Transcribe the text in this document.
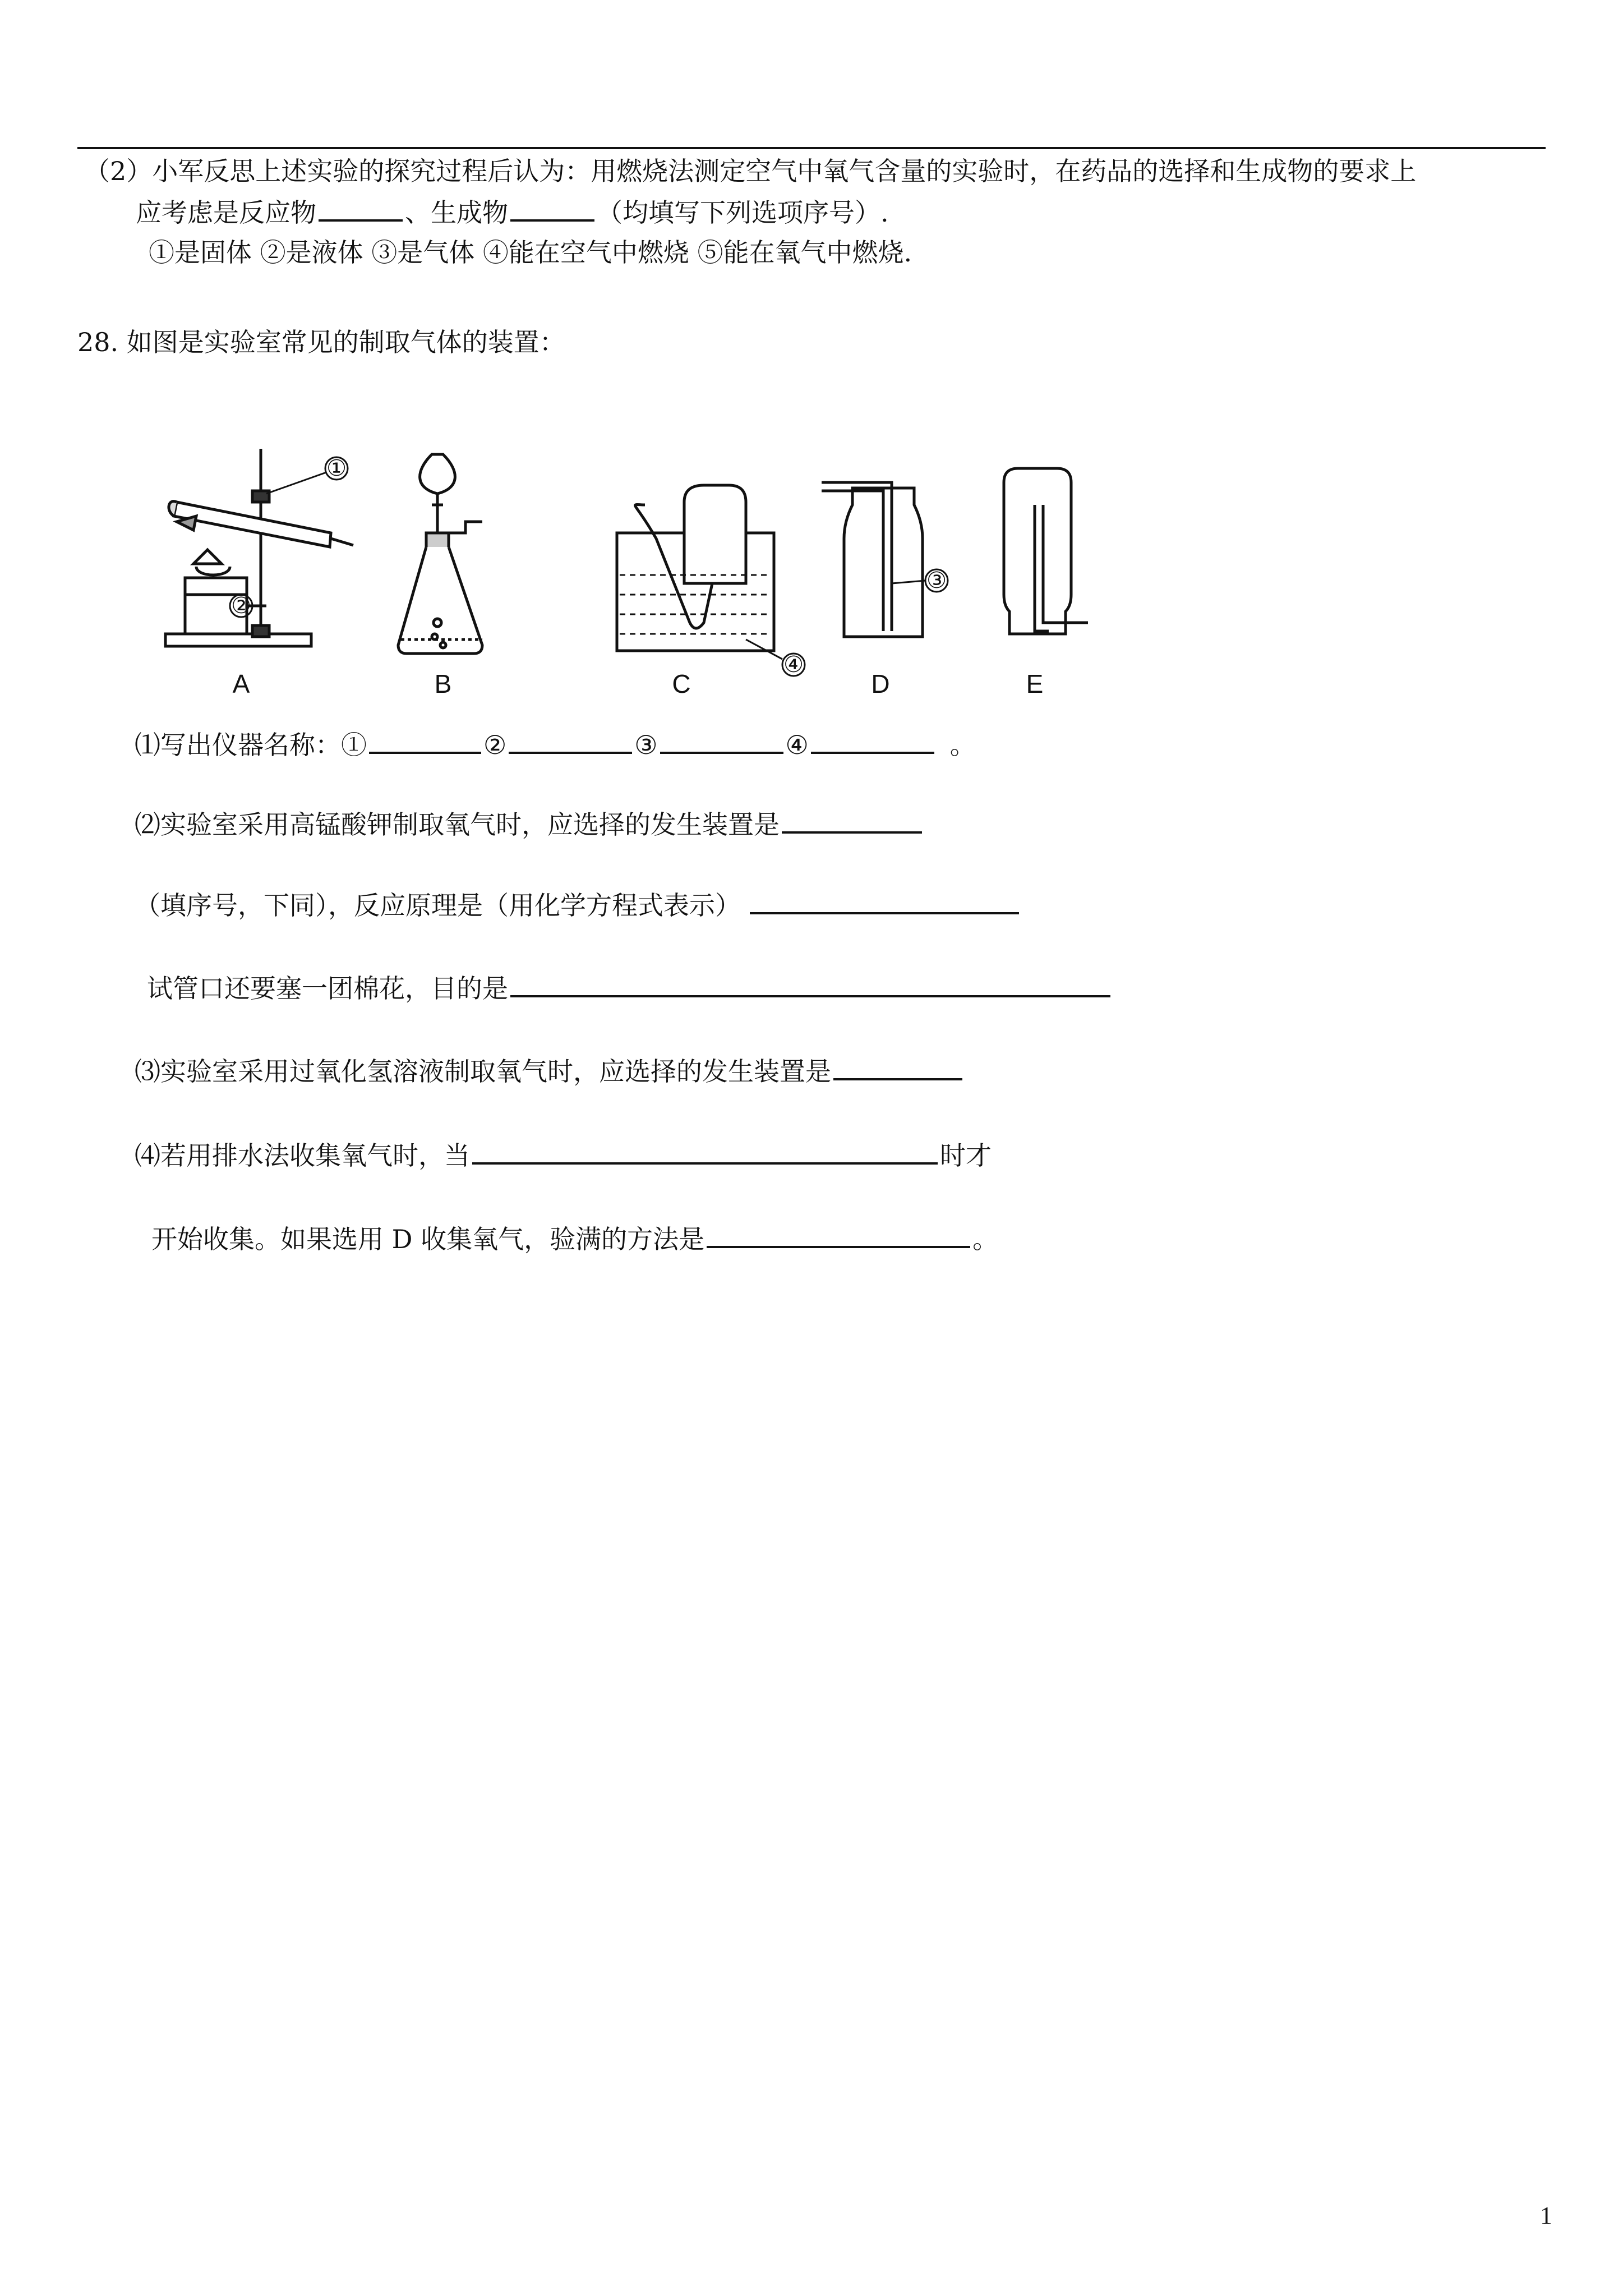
（2）小军反思上述实验的探究过程后认为：用燃烧法测定空气中氧气含量的实验时，在药品的选择和生成物的要求上
应考虑是反应物	、生成物	（均填写下列选项序号）.
①是固体 ②是液体 ③是气体 ④能在空气中燃烧 ⑤能在氧气中燃烧.
28. 如图是实验室常见的制取气体的装置：
①
②
③
④
A	B	C	D	E
⑴写出仪器名称：①	②	③	④	。
⑵实验室采用高锰酸钾制取氧气时，应选择的发生装置是
（填序号，下同），反应原理是（用化学方程式表示）
试管口还要塞一团棉花，目的是
⑶实验室采用过氧化氢溶液制取氧气时，应选择的发生装置是
⑷若用排水法收集氧气时，当	时才
开始收集。如果选用 D 收集氧气，验满的方法是	。
1
